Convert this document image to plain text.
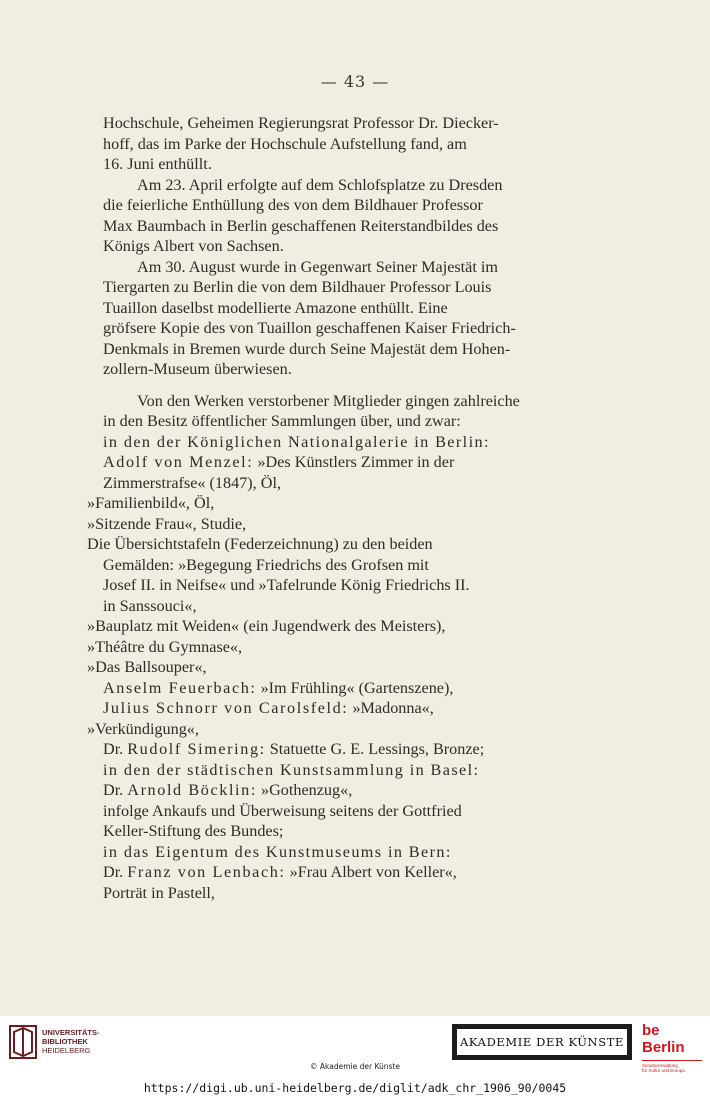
— 43 —

Hochschule, Geheimen Regierungsrat Professor Dr. Diecker-

hoff, das im Parke der Hochschule Aufstellung fand, am

16. Juni enthüllt.

Am 23. April erfolgte auf dem Schlofsplatze zu Dresden

die feierliche Enthüllung des von dem Bildhauer Professor

Max Baumbach in Berlin geschaffenen Reiterstandbildes des

Königs Albert von Sachsen.

Am 30. August wurde in Gegenwart Seiner Majestät im

Tiergarten zu Berlin die von dem Bildhauer Professor Louis

Tuaillon daselbst modellierte Amazone enthüllt. Eine

gröfsere Kopie des von Tuaillon geschaffenen Kaiser Friedrich-

Denkmals in Bremen wurde durch Seine Majestät dem Hohen-

zollern-Museum überwiesen.

Von den Werken verstorbener Mitglieder gingen zahlreiche

in den Besitz öffentlicher Sammlungen über, und zwar:

in den der Königlichen Nationalgalerie in Berlin:

Adolf von Menzel: »Des Künstlers Zimmer in der

Zimmerstrafse« (1847), Öl,

»Familienbild«, Öl,

»Sitzende Frau«, Studie,

Die Übersichtstafeln (Federzeichnung) zu den beiden

Gemälden: »Begegung Friedrichs des Grofsen mit

Josef II. in Neifse« und »Tafelrunde König Friedrichs II.

in Sanssouci«,

»Bauplatz mit Weiden« (ein Jugendwerk des Meisters),

»Théâtre du Gymnase«,

»Das Ballsouper«,

Anselm Feuerbach: »Im Frühling« (Gartenszene),

Julius Schnorr von Carolsfeld: »Madonna«,

»Verkündigung«,

Dr. Rudolf Simering: Statuette G. E. Lessings, Bronze;

in den der städtischen Kunstsammlung in Basel:

Dr. Arnold Böcklin: »Gothenzug«,

infolge Ankaufs und Überweisung seitens der Gottfried

Keller-Stiftung des Bundes;

in das Eigentum des Kunstmuseums in Bern:

Dr. Franz von Lenbach: »Frau Albert von Keller«,

Porträt in Pastell,

UNIVERSITÄTS-
BIBLIOTHEK
HEIDELBERG
AKADEMIE DER KÜNSTE
be Berlin
Senatsverwaltung
für Kultur und Europa
© Akademie der Künste
https://digi.ub.uni-heidelberg.de/diglit/adk_chr_1906_90/0045
